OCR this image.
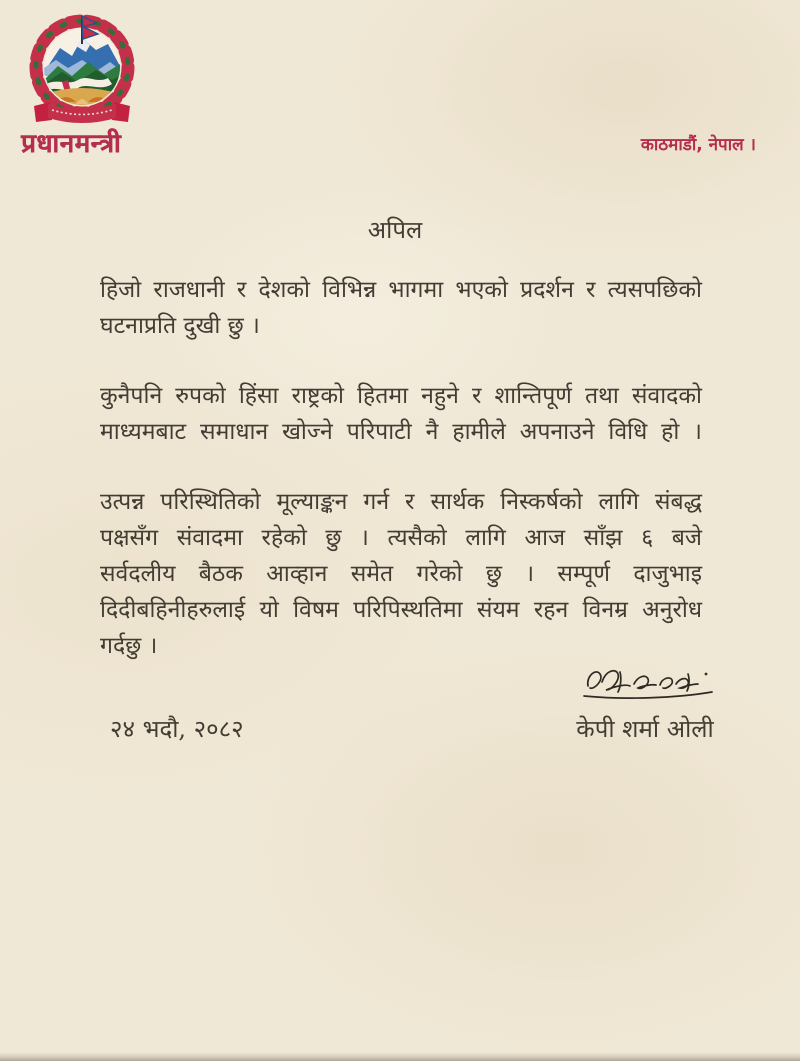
प्रधानमन्त्री	काठमाडौं, नेपाल ।
अपिल
हिजो राजधानी र देशको विभिन्न भागमा भएको प्रदर्शन र त्यसपछिको
घटनाप्रति दुखी छु ।
कुनैपनि रुपको हिंसा राष्ट्रको हितमा नहुने र शान्तिपूर्ण तथा संवादको
माध्यमबाट समाधान खोज्ने परिपाटी नै हामीले अपनाउने विधि हो ।
उत्पन्न परिस्थितिको मूल्याङ्कन गर्न र सार्थक निस्कर्षको लागि संबद्ध
पक्षसँग संवादमा रहेको छु । त्यसैको लागि आज साँझ ६ बजे
सर्वदलीय बैठक आव्हान समेत गरेको छु । सम्पूर्ण दाजुभाइ
दिदीबहिनीहरुलाई यो विषम परिपिस्थतिमा संयम रहन विनम्र अनुरोध
गर्दछु ।
२४ भदौ, २०८२	केपी शर्मा ओली
